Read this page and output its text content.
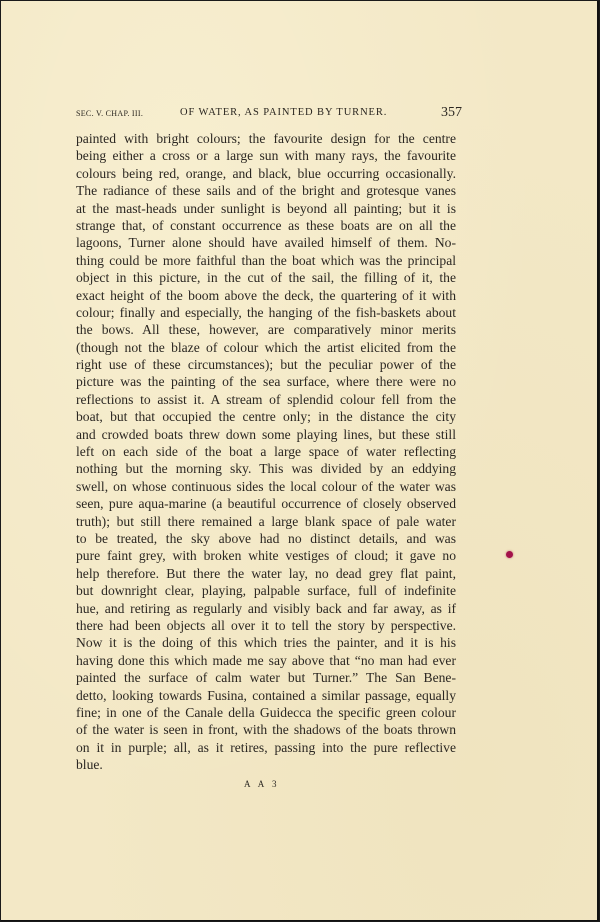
SEC. V. CHAP. III.	OF WATER, AS PAINTED BY TURNER.	357
painted with bright colours; the favourite design for the centre
being either a cross or a large sun with many rays, the favourite
colours being red, orange, and black, blue occurring occasionally.
The radiance of these sails and of the bright and grotesque vanes
at the mast-heads under sunlight is beyond all painting; but it is
strange that, of constant occurrence as these boats are on all the
lagoons, Turner alone should have availed himself of them. No-
thing could be more faithful than the boat which was the principal
object in this picture, in the cut of the sail, the filling of it, the
exact height of the boom above the deck, the quartering of it with
colour; finally and especially, the hanging of the fish-baskets about
the bows. All these, however, are comparatively minor merits
(though not the blaze of colour which the artist elicited from the
right use of these circumstances); but the peculiar power of the
picture was the painting of the sea surface, where there were no
reflections to assist it. A stream of splendid colour fell from the
boat, but that occupied the centre only; in the distance the city
and crowded boats threw down some playing lines, but these still
left on each side of the boat a large space of water reflecting
nothing but the morning sky. This was divided by an eddying
swell, on whose continuous sides the local colour of the water was
seen, pure aqua-marine (a beautiful occurrence of closely observed
truth); but still there remained a large blank space of pale water
to be treated, the sky above had no distinct details, and was
pure faint grey, with broken white vestiges of cloud; it gave no
help therefore. But there the water lay, no dead grey flat paint,
but downright clear, playing, palpable surface, full of indefinite
hue, and retiring as regularly and visibly back and far away, as if
there had been objects all over it to tell the story by perspective.
Now it is the doing of this which tries the painter, and it is his
having done this which made me say above that “no man had ever
painted the surface of calm water but Turner.” The San Bene-
detto, looking towards Fusina, contained a similar passage, equally
fine; in one of the Canale della Guidecca the specific green colour
of the water is seen in front, with the shadows of the boats thrown
on it in purple; all, as it retires, passing into the pure reflective
blue.
A A 3
